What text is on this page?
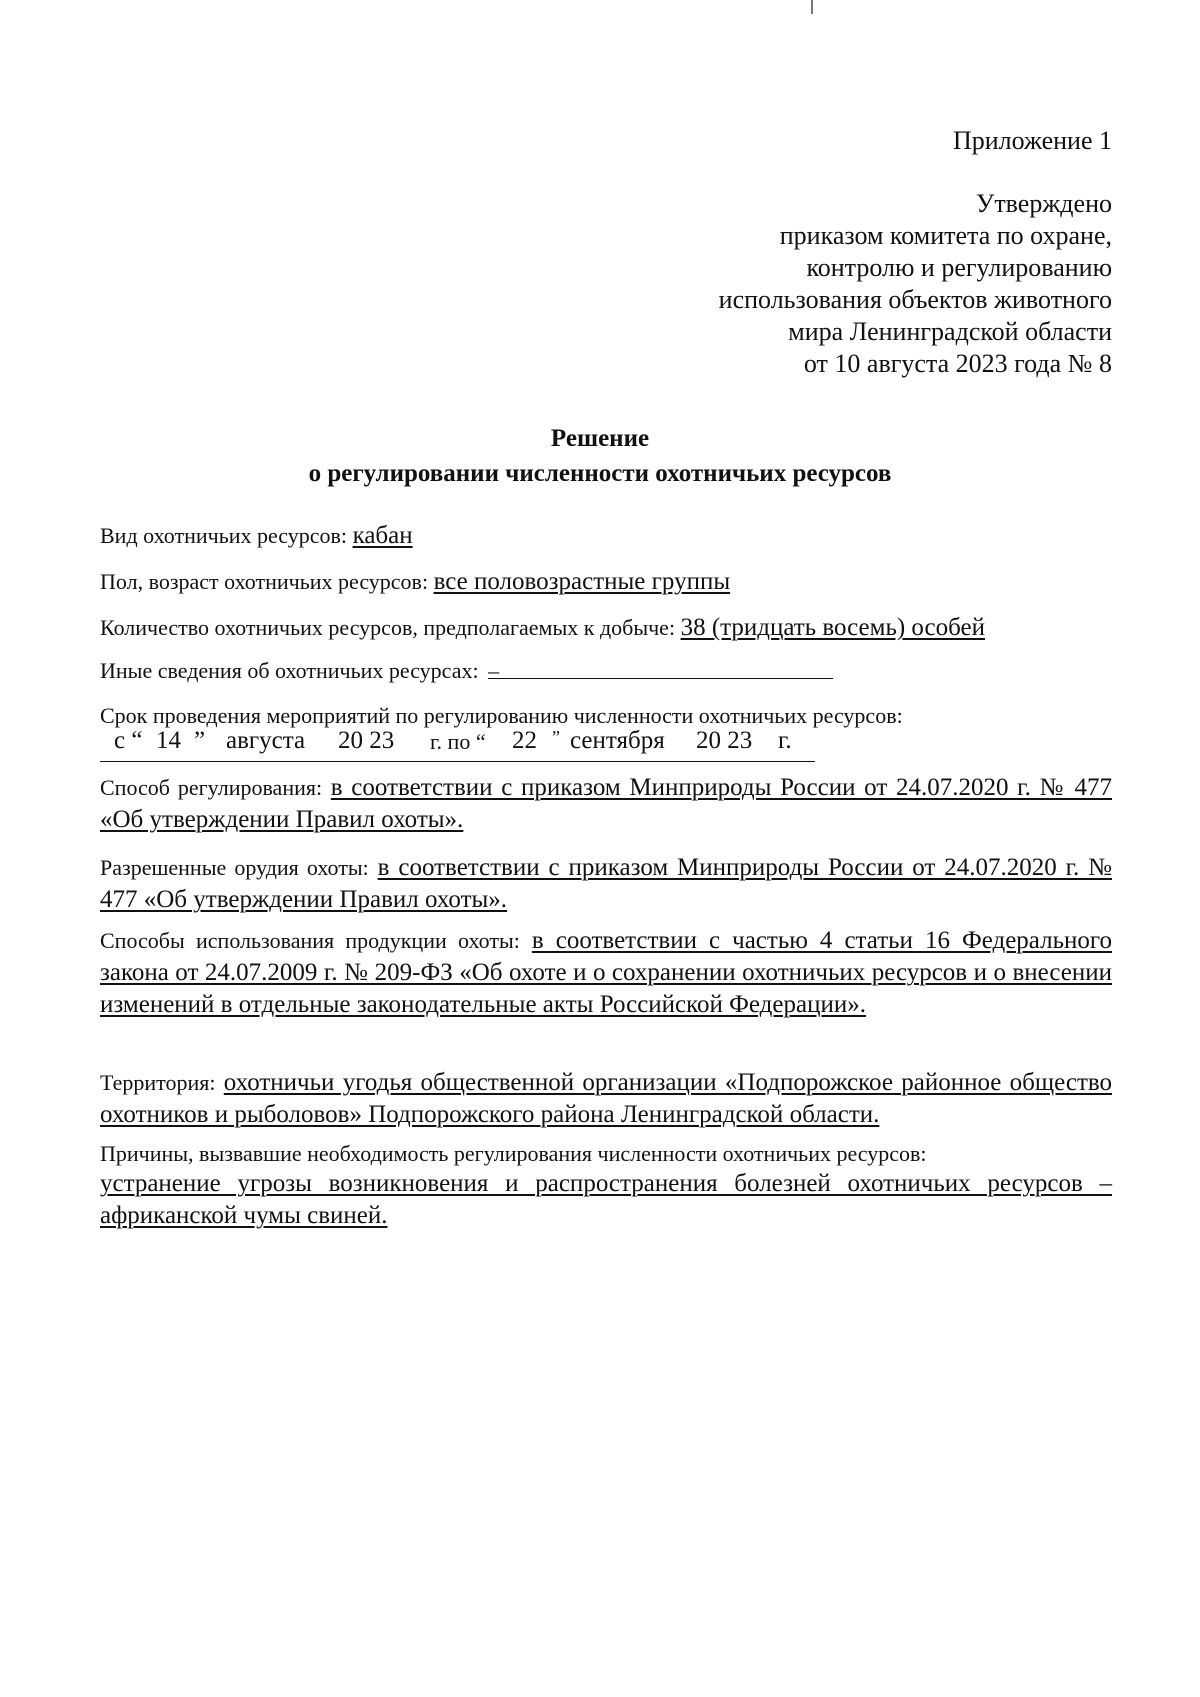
Приложение 1
Утверждено
приказом комитета по охране,
контролю и регулированию
использования объектов животного
мира Ленинградской области
от 10 августа 2023 года № 8
Решение
о регулировании численности охотничьих ресурсов
Вид охотничьих ресурсов: кабан
Пол, возраст охотничьих ресурсов: все половозрастные группы
Количество охотничьих ресурсов, предполагаемых к добыче: 38 (тридцать восемь) особей
Иные сведения об охотничьих ресурсах: –
Срок проведения мероприятий по регулированию численности охотничьих ресурсов:
с “ 14 ” августа 20 23 г. по “ 22 ” сентября 20 23 г.
Способ регулирования: в соответствии с приказом Минприроды России от 24.07.2020 г. № 477 «Об утверждении Правил охоты».
Разрешенные орудия охоты: в соответствии с приказом Минприроды России от 24.07.2020 г. № 477 «Об утверждении Правил охоты».
Способы использования продукции охоты: в соответствии с частью 4 статьи 16 Федерального закона от 24.07.2009 г. № 209-ФЗ «Об охоте и о сохранении охотничьих ресурсов и о внесении изменений в отдельные законодательные акты Российской Федерации».
Территория: охотничьи угодья общественной организации «Подпорожское районное общество охотников и рыболовов» Подпорожского района Ленинградской области.
Причины, вызвавшие необходимость регулирования численности охотничьих ресурсов:
устранение угрозы возникновения и распространения болезней охотничьих ресурсов – африканской чумы свиней.
